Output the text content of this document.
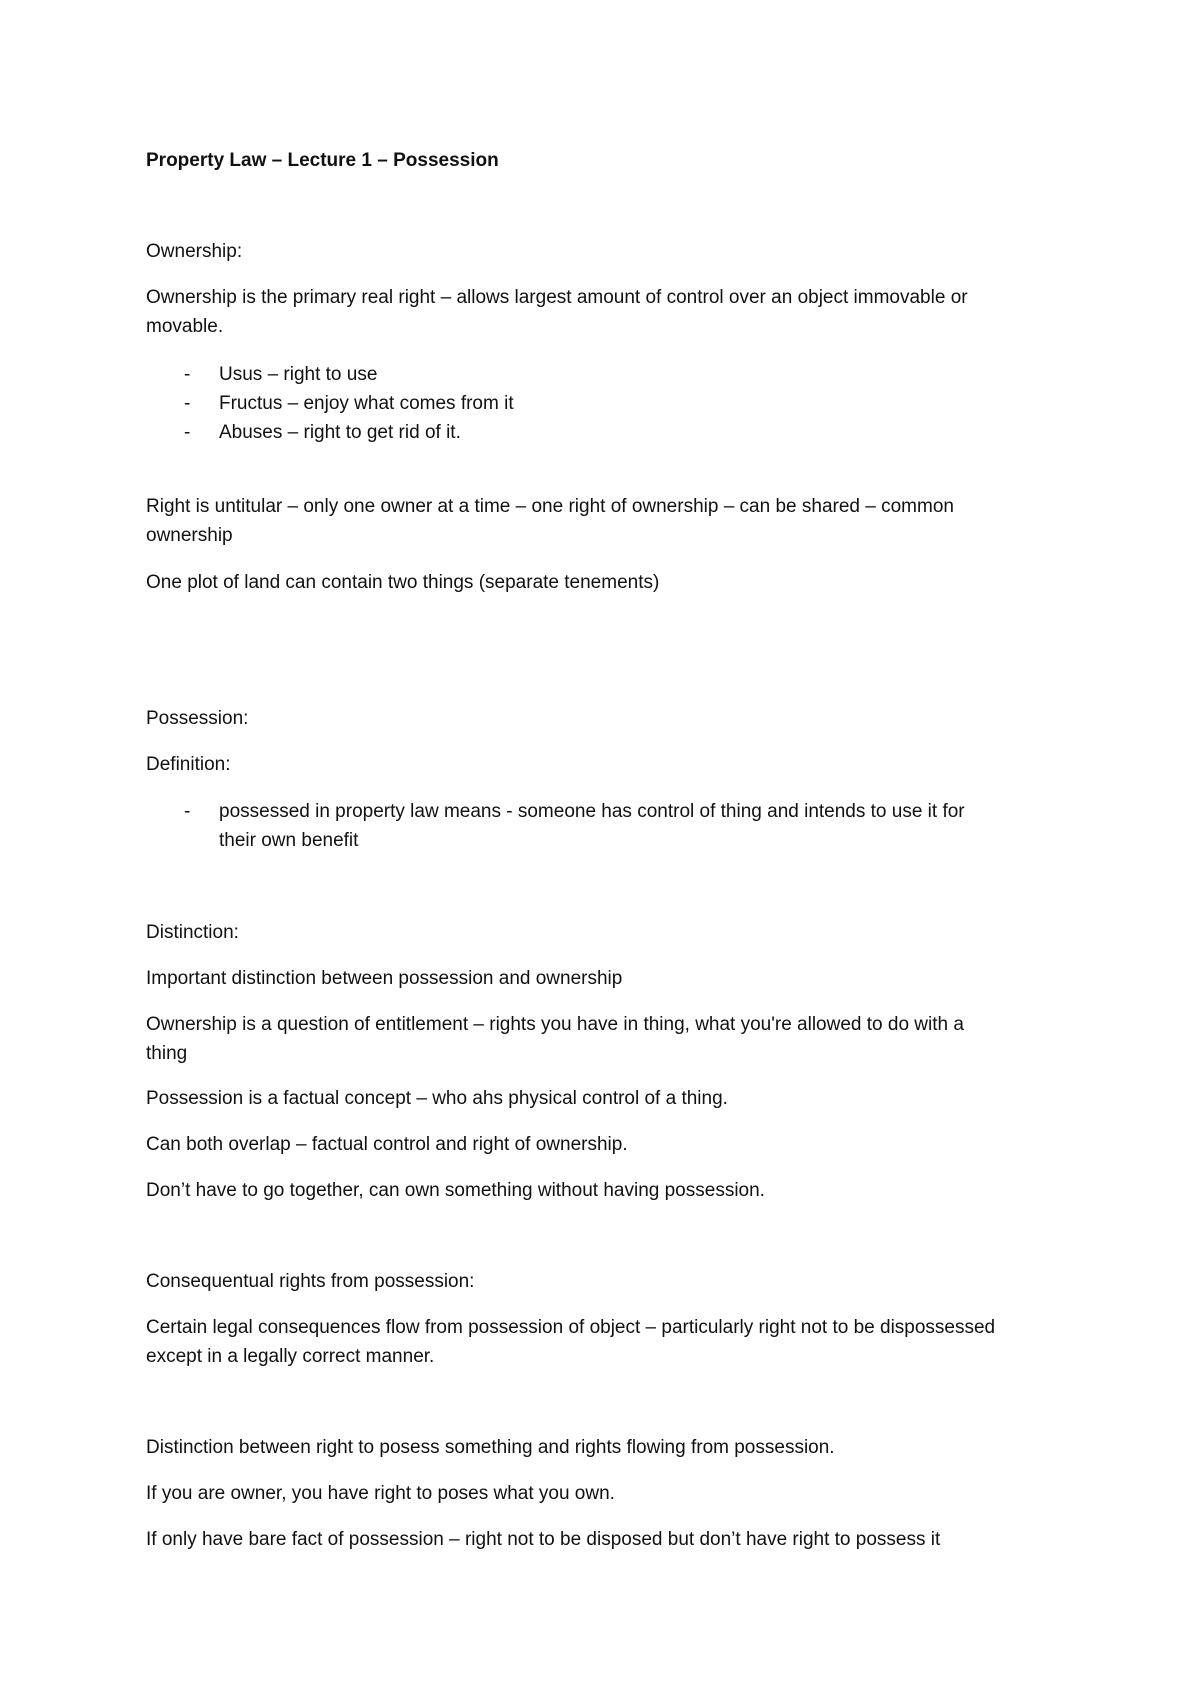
Property Law – Lecture 1 – Possession
Ownership:
Ownership is the primary real right – allows largest amount of control over an object immovable or
movable.
- Usus – right to use
- Fructus – enjoy what comes from it
- Abuses – right to get rid of it.
Right is untitular – only one owner at a time – one right of ownership – can be shared – common
ownership
One plot of land can contain two things (separate tenements)
Possession:
Definition:
- possessed in property law means - someone has control of thing and intends to use it for
their own benefit
Distinction:
Important distinction between possession and ownership
Ownership is a question of entitlement – rights you have in thing, what you're allowed to do with a
thing
Possession is a factual concept – who ahs physical control of a thing.
Can both overlap – factual control and right of ownership.
Don’t have to go together, can own something without having possession.
Consequentual rights from possession:
Certain legal consequences flow from possession of object – particularly right not to be dispossessed
except in a legally correct manner.
Distinction between right to posess something and rights flowing from possession.
If you are owner, you have right to poses what you own.
If only have bare fact of possession – right not to be disposed but don’t have right to possess it
